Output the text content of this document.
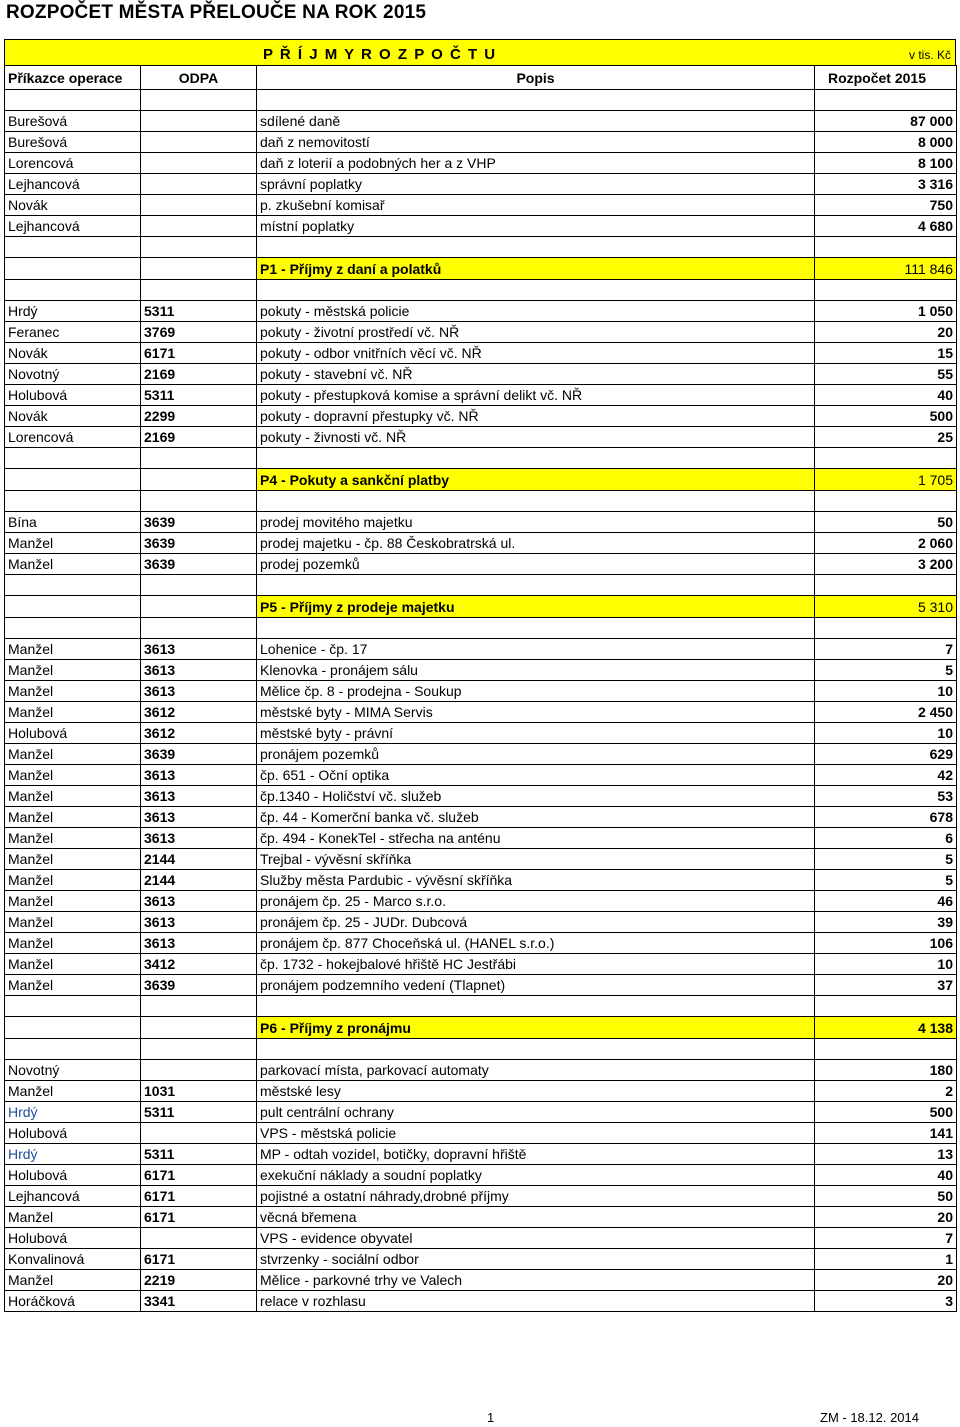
ROZPOČET MĚSTA PŘELOUČE NA ROK 2015
P Ř Í J M Y R O Z P O Č T U	v tis. Kč
Příkazce operace	ODPA	Popis	Rozpočet 2015

Burešová		sdílené daně	87 000
Burešová		daň z nemovitostí	8 000
Lorencová		daň z loterií a podobných her a z VHP	8 100
Lejhancová		správní poplatky	3 316
Novák		p. zkušební komisař	750
Lejhancová		místní poplatky	4 680

		P1 - Příjmy z daní a polatků	111 846

Hrdý	5311	pokuty - městská policie	1 050
Feranec	3769	pokuty - životní prostředí vč. NŘ	20
Novák	6171	pokuty - odbor vnitřních věcí vč. NŘ	15
Novotný	2169	pokuty - stavební vč. NŘ	55
Holubová	5311	pokuty - přestupková komise a správní delikt vč. NŘ	40
Novák	2299	pokuty - dopravní přestupky vč. NŘ	500
Lorencová	2169	pokuty - živnosti vč. NŘ	25

		P4 - Pokuty a sankční platby	1 705

Bína	3639	prodej movitého majetku	50
Manžel	3639	prodej majetku - čp. 88 Českobratrská ul.	2 060
Manžel	3639	prodej pozemků	3 200

		P5 - Příjmy z prodeje majetku	5 310

Manžel	3613	Lohenice - čp. 17	7
Manžel	3613	Klenovka - pronájem sálu	5
Manžel	3613	Mělice čp. 8 - prodejna - Soukup	10
Manžel	3612	městské byty - MIMA Servis	2 450
Holubová	3612	městské byty - právní	10
Manžel	3639	pronájem pozemků	629
Manžel	3613	čp. 651 - Oční optika	42
Manžel	3613	čp.1340 - Holičství vč. služeb	53
Manžel	3613	čp. 44 - Komerční banka vč. služeb	678
Manžel	3613	čp. 494 - KonekTel - střecha na anténu	6
Manžel	2144	Trejbal - vývěsní skříňka	5
Manžel	2144	Služby města Pardubic - vývěsní skříňka	5
Manžel	3613	pronájem čp. 25 - Marco s.r.o.	46
Manžel	3613	pronájem čp. 25 - JUDr. Dubcová	39
Manžel	3613	pronájem čp. 877 Choceňská ul. (HANEL s.r.o.)	106
Manžel	3412	čp. 1732 - hokejbalové hřiště HC Jestřábi	10
Manžel	3639	pronájem podzemního vedení (Tlapnet)	37

		P6 - Příjmy z pronájmu	4 138

Novotný		parkovací místa, parkovací automaty	180
Manžel	1031	městské lesy	2
Hrdý	5311	pult centrální ochrany	500
Holubová		VPS - městská policie	141
Hrdý	5311	MP - odtah vozidel, botičky, dopravní hřiště	13
Holubová	6171	exekuční náklady a soudní poplatky	40
Lejhancová	6171	pojistné a ostatní náhrady,drobné příjmy	50
Manžel	6171	věcná břemena	20
Holubová		VPS - evidence obyvatel	7
Konvalinová	6171	stvrzenky - sociální odbor	1
Manžel	2219	Mělice - parkovné trhy ve Valech	20
Horáčková	3341	relace v rozhlasu	3
1	ZM - 18.12. 2014
